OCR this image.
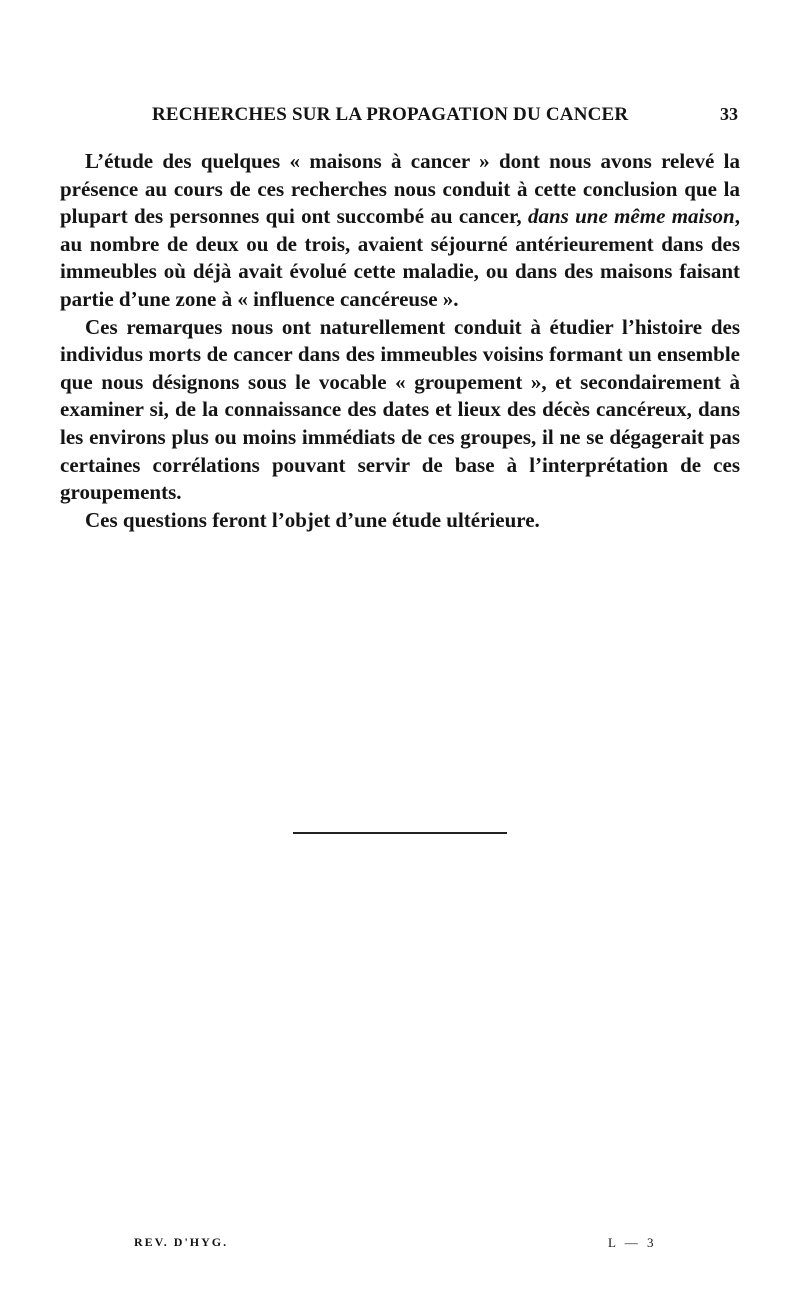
RECHERCHES SUR LA PROPAGATION DU CANCER	33

L’étude des quelques « maisons à cancer » dont nous avons relevé la présence au cours de ces recherches nous conduit à cette conclusion que la plupart des personnes qui ont succombé au cancer, dans une même maison, au nombre de deux ou de trois, avaient séjourné antérieurement dans des immeubles où déjà avait évolué cette maladie, ou dans des maisons faisant partie d’une zone à « influence cancéreuse ».

Ces remarques nous ont naturellement conduit à étudier l’histoire des individus morts de cancer dans des immeubles voisins formant un ensemble que nous désignons sous le vocable « groupement », et secondairement à examiner si, de la connaissance des dates et lieux des décès cancéreux, dans les environs plus ou moins immédiats de ces groupes, il ne se dégagerait pas certaines corrélations pouvant servir de base à l’interprétation de ces groupements.

Ces questions feront l’objet d’une étude ultérieure.

REV. D'HYG.	L — 3
